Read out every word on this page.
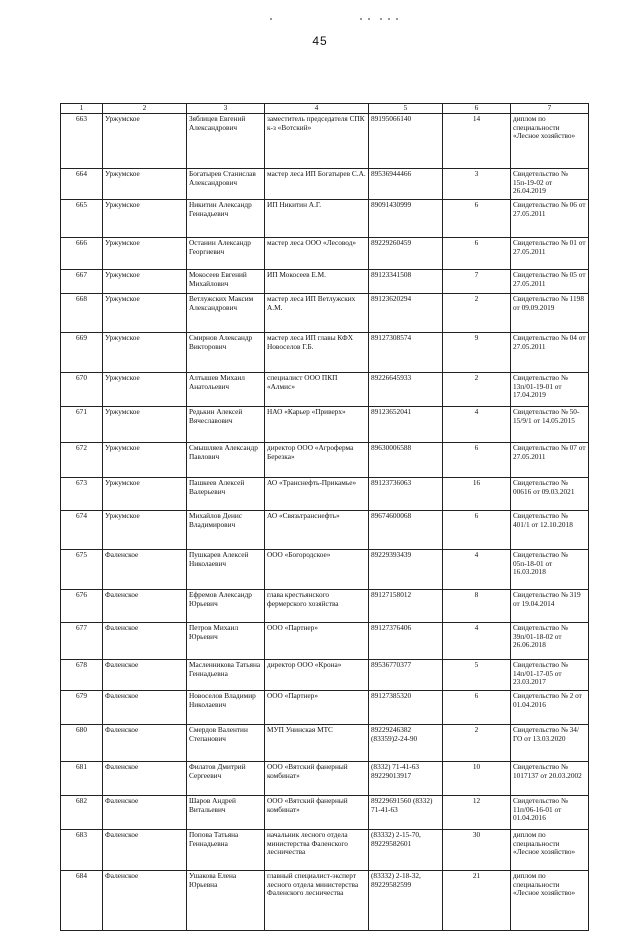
45
1	2	3	4	5	6	7
663	Уржумское	Зяблицев Евгений Александрович	заместитель председателя СПК к-з «Вотский»	89195066140	14	диплом по специальности «Лесное хозяйство»
664	Уржумское	Богатырев Станислав Александрович	мастер леса ИП Богатырев С.А.	89536944466	3	Свидетельство № 15п-19-02 от 26.04.2019
665	Уржумское	Никитин Александр Геннадьевич	ИП Никитин А.Г.	89091430999	6	Свидетельство № 06 от 27.05.2011
666	Уржумское	Останин Александр Георгиевич	мастер леса ООО «Лесовод»	89229260459	6	Свидетельство № 01 от 27.05.2011
667	Уржумское	Мокосеев Евгений Михайлович	ИП Мокосеев Е.М.	89123341508	7	Свидетельство № 05 от 27.05.2011
668	Уржумское	Ветлужских Максим Александрович	мастер леса ИП Ветлужских А.М.	89123620294	2	Свидетельство № 1198 от 09.09.2019
669	Уржумское	Смирнов Александр Викторович	мастер леса ИП главы КФХ Новоселов Г.Б.	89127308574	9	Свидетельство № 04 от 27.05.2011
670	Уржумское	Алтышев Михаил Анатольевич	специалист ООО ПКП «Алмис»	89226645933	2	Свидетельство № 13п/01-19-01 от 17.04.2019
671	Уржумское	Редькин Алексей Вячеславович	НАО «Карьер «Приверх»	89123652041	4	Свидетельство № 50-15/9/1 от 14.05.2015
672	Уржумское	Смышляев Александр Павлович	директор ООО «Агроферма Березка»	89630006588	6	Свидетельство № 07 от 27.05.2011
673	Уржумское	Пашкеев Алексей Валерьевич	АО «Транснефть-Прикамье»	89123736063	16	Свидетельство № 00616 от 09.03.2021
674	Уржумское	Михайлов Денис Владимирович	АО «Связьтранснефть»	89674600068	6	Свидетельство № 401/1 от 12.10.2018
675	Фаленское	Пушкарев Алексей Николаевич	ООО «Богородское»	89229393439	4	Свидетельство № 05п-18-01 от 16.03.2018
676	Фаленское	Ефремов Александр Юрьевич	глава крестьянского фермерского хозяйства	89127158012	8	Свидетельство № 319 от 19.04.2014
677	Фаленское	Петров Михаил Юрьевич	ООО «Партнер»	89127376406	4	Свидетельство № 39п/01-18-02 от 26.06.2018
678	Фаленское	Масленникова Татьяна Геннадьевна	директор ООО «Крона»	89536770377	5	Свидетельство № 14п/01-17-05 от 23.03.2017
679	Фаленское	Новоселов Владимир Николаевич	ООО «Партнер»	89127385320	6	Свидетельство № 2 от 01.04.2016
680	Фаленское	Смердов Валентин Степанович	МУП Унинская МТС	89229246382 (83359)2-24-90	2	Свидетельство № 34/ГО от 13.03.2020
681	Фаленское	Филатов Дмитрий Сергеевич	ООО «Вятский фанерный комбинат»	(8332) 71-41-63 89229013917	10	Свидетельство № 1017137 от 20.03.2002
682	Фаленское	Шаров Андрей Витальевич	ООО «Вятский фанерный комбинат»	89229691560 (8332) 71-41-63	12	Свидетельство № 11п/06-16-01 от 01.04.2016
683	Фаленское	Попова Татьяна Геннадьевна	начальник лесного отдела министерства Фаленского лесничества	(83332) 2-15-70, 89229582601	30	диплом по специальности «Лесное хозяйство»
684	Фаленское	Ушакова Елена Юрьевна	главный специалист-эксперт лесного отдела министерства Фаленского лесничества	(83332) 2-18-32, 89229582599	21	диплом по специальности «Лесное хозяйство»
